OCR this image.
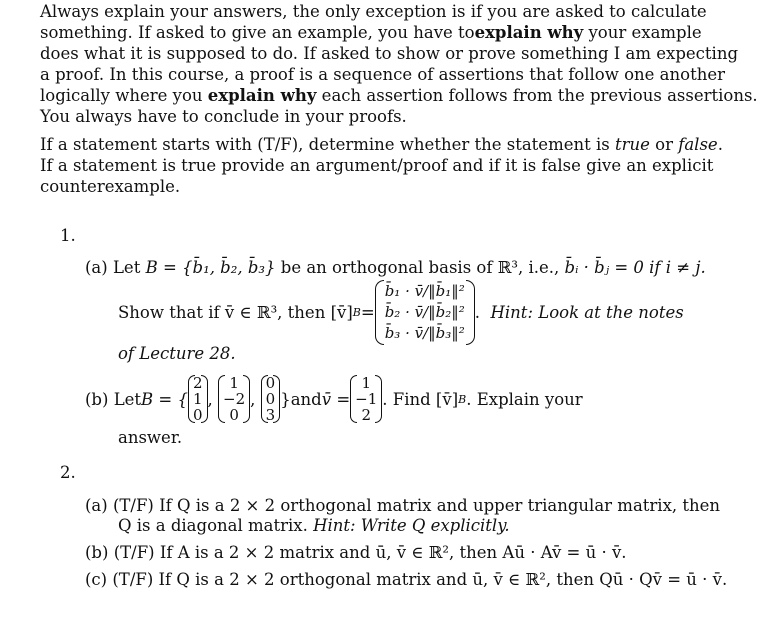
Always explain your answers, the only exception is if you are asked to calculate
something. If asked to give an example, you have toexplain why your example
does what it is supposed to do. If asked to show or prove something I am expecting
a proof. In this course, a proof is a sequence of assertions that follow one another
logically where you explain why each assertion follows from the previous assertions.
You always have to conclude in your proofs.
If a statement starts with (T/F), determine whether the statement is true or false.
If a statement is true provide an argument/proof and if it is false give an explicit
counterexample.
1.
(a) Let B = {b̄₁, b̄₂, b̄₃} be an orthogonal basis of ℝ³, i.e., b̄ᵢ · b̄ⱼ = 0 if i ≠ j.
Show that if v̄ ∈ ℝ³, then [v̄] B =
b̄₁ · v̄/‖b̄₁‖²
b̄₂ · v̄/‖b̄₂‖²
b̄₃ · v̄/‖b̄₃‖²
. Hint: Look at the notes
of Lecture 28.
(b)
Let B = {
2
1
0
,
1
−2
0
,
0
0
3
} and v̄ =
1
−1
2
. Find [v̄] B . Explain your
answer.
2.
(a) (T/F) If Q is a 2 × 2 orthogonal matrix and upper triangular matrix, then
Q is a diagonal matrix. Hint: Write Q explicitly.
(b) (T/F) If A is a 2 × 2 matrix and ū, v̄ ∈ ℝ², then Aū · Av̄ = ū · v̄.
(c) (T/F) If Q is a 2 × 2 orthogonal matrix and ū, v̄ ∈ ℝ², then Qū · Qv̄ = ū · v̄.
